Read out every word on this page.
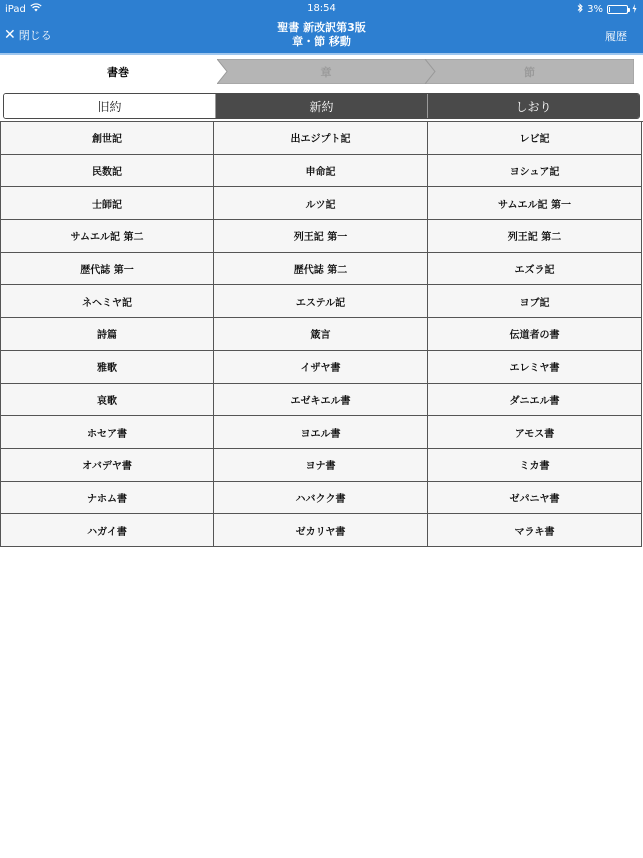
iPad	18:54	3%
✕ 閉じる
聖書 新改訳第3版
章・節 移動	履歴
書巻	章	節
旧約	新約	しおり
創世記	出エジプト記	レビ記
民数記	申命記	ヨシュア記
士師記	ルツ記	サムエル記 第一
サムエル記 第二	列王記 第一	列王記 第二
歴代誌 第一	歴代誌 第二	エズラ記
ネヘミヤ記	エステル記	ヨブ記
詩篇	箴言	伝道者の書
雅歌	イザヤ書	エレミヤ書
哀歌	エゼキエル書	ダニエル書
ホセア書	ヨエル書	アモス書
オバデヤ書	ヨナ書	ミカ書
ナホム書	ハバクク書	ゼパニヤ書
ハガイ書	ゼカリヤ書	マラキ書
